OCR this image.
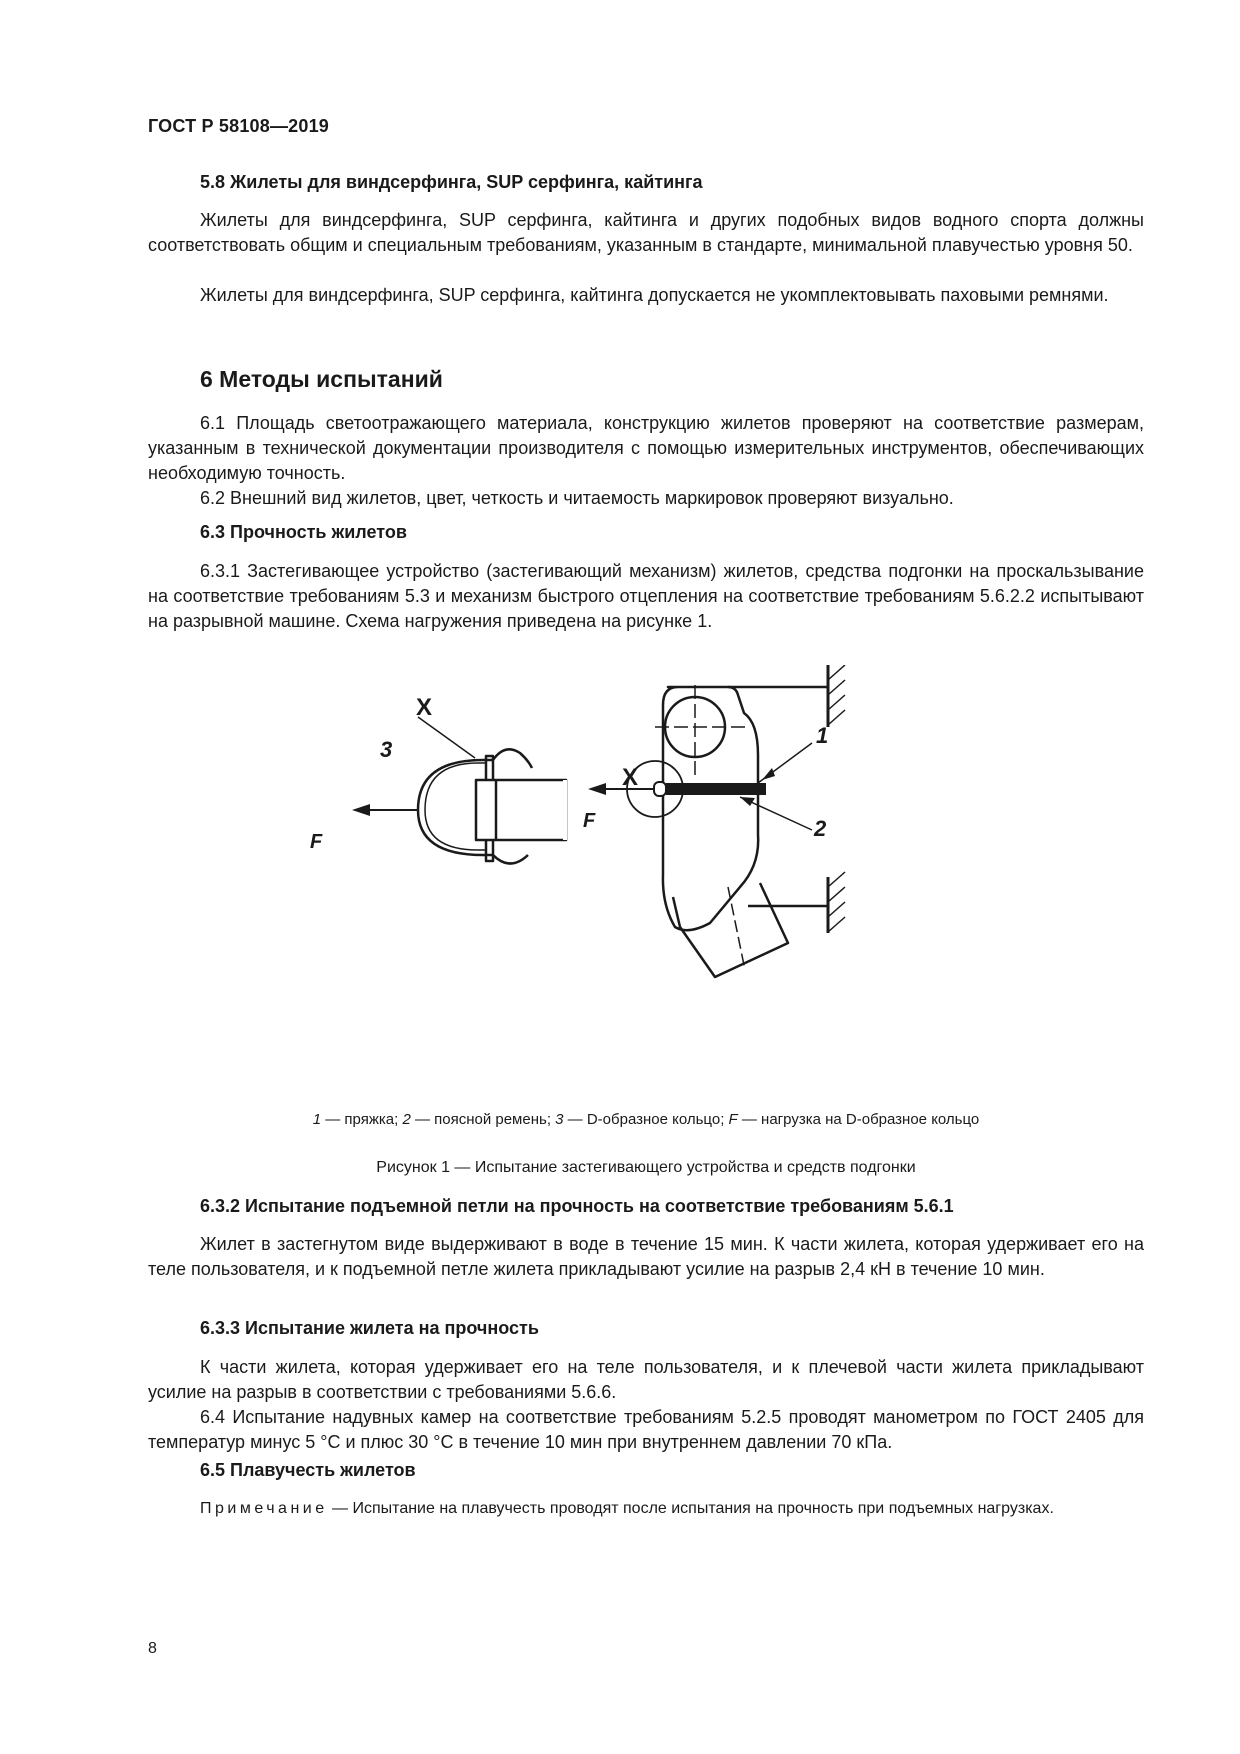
ГОСТ Р 58108—2019
5.8 Жилеты для виндсерфинга, SUP серфинга, кайтинга
Жилеты для виндсерфинга, SUP серфинга, кайтинга и других подобных видов водного спорта должны соответствовать общим и специальным требованиям, указанным в стандарте, минимальной плавучестью уровня 50.
Жилеты для виндсерфинга, SUP серфинга, кайтинга допускается не укомплектовывать паховыми ремнями.
6 Методы испытаний
6.1 Площадь светоотражающего материала, конструкцию жилетов проверяют на соответствие размерам, указанным в технической документации производителя с помощью измерительных инструментов, обеспечивающих необходимую точность.
6.2 Внешний вид жилетов, цвет, четкость и читаемость маркировок проверяют визуально.
6.3 Прочность жилетов
6.3.1 Застегивающее устройство (застегивающий механизм) жилетов, средства подгонки на проскальзывание на соответствие требованиям 5.3 и механизм быстрого отцепления на соответствие требованиям 5.6.2.2 испытывают на разрывной машине. Схема нагружения приведена на рисунке 1.
X
3
F
X
F
1
2
1 — пряжка; 2 — поясной ремень; 3 — D-образное кольцо; F — нагрузка на D-образное кольцо
Рисунок 1 — Испытание застегивающего устройства и средств подгонки
6.3.2 Испытание подъемной петли на прочность на соответствие требованиям 5.6.1
Жилет в застегнутом виде выдерживают в воде в течение 15 мин. К части жилета, которая удерживает его на теле пользователя, и к подъемной петле жилета прикладывают усилие на разрыв 2,4 кН в течение 10 мин.
6.3.3 Испытание жилета на прочность
К части жилета, которая удерживает его на теле пользователя, и к плечевой части жилета прикладывают усилие на разрыв в соответствии с требованиями 5.6.6.
6.4 Испытание надувных камер на соответствие требованиям 5.2.5 проводят манометром по ГОСТ 2405 для температур минус 5 °С и плюс 30 °С в течение 10 мин при внутреннем давлении 70 кПа.
6.5 Плавучесть жилетов
Примечание — Испытание на плавучесть проводят после испытания на прочность при подъемных нагрузках.
8
